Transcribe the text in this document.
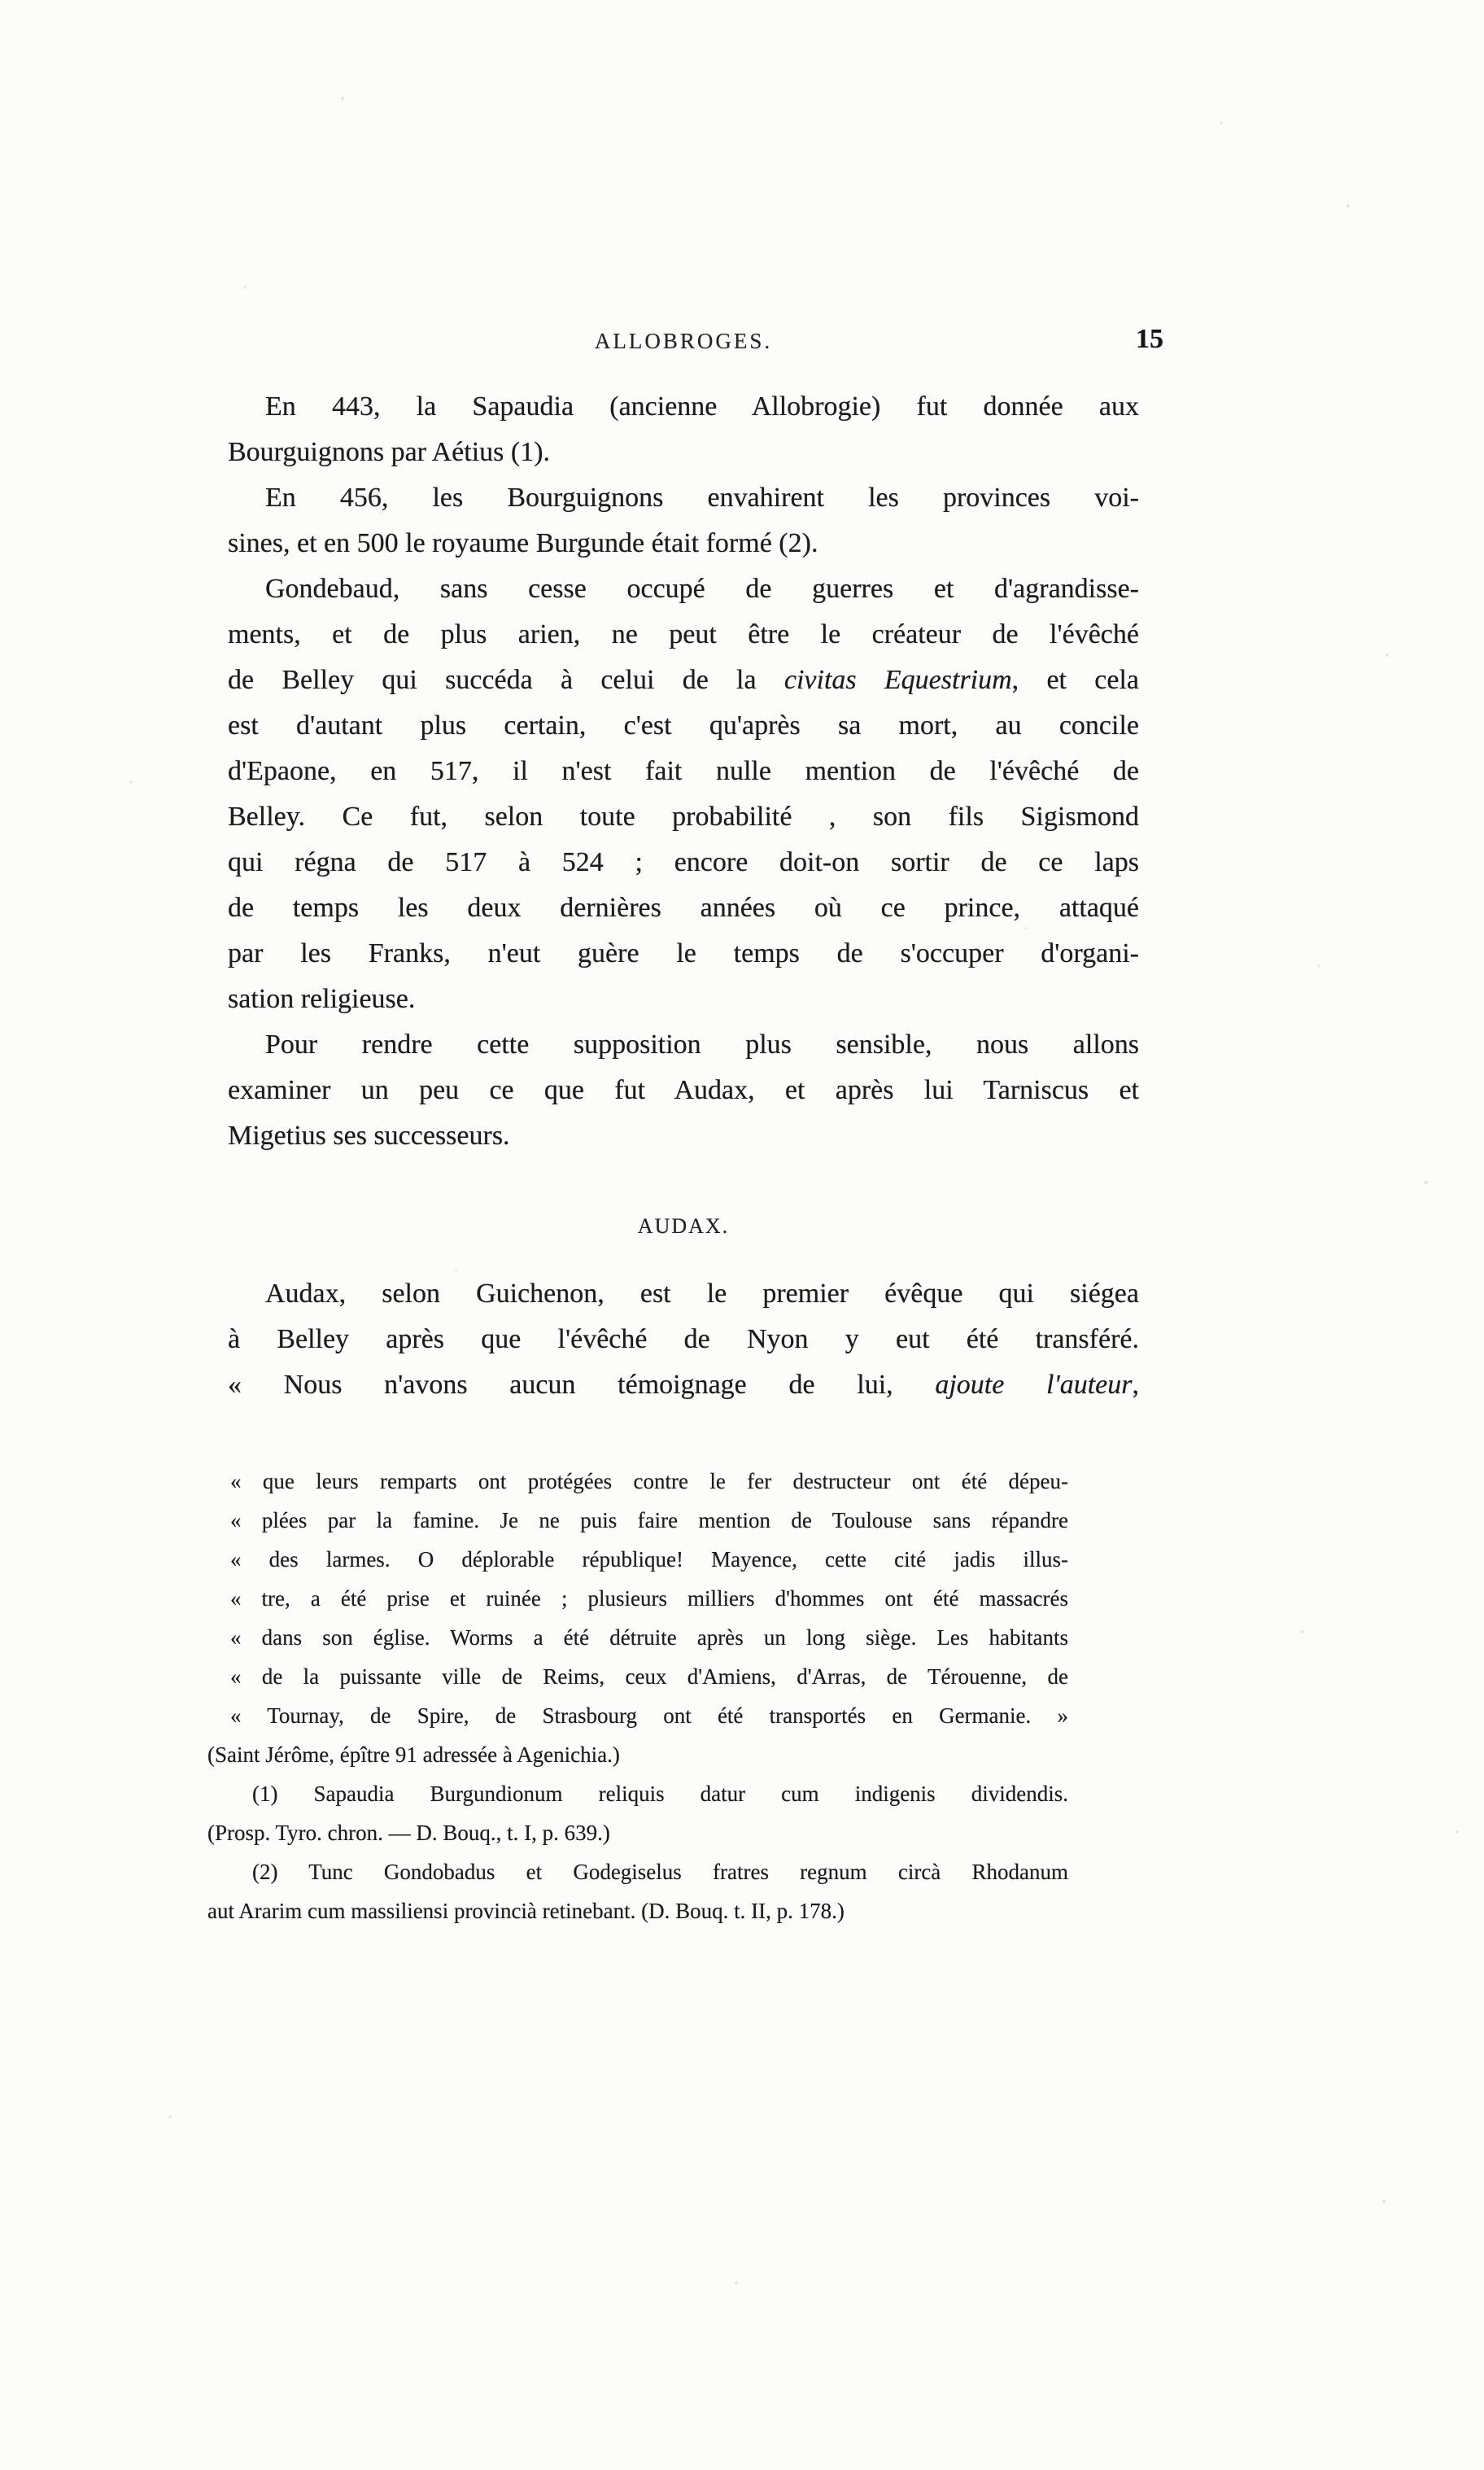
ALLOBROGES.	15
En 443, la Sapaudia (ancienne Allobrogie) fut donnée aux
Bourguignons par Aétius (1).
En 456, les Bourguignons envahirent les provinces voi-
sines, et en 500 le royaume Burgunde était formé (2).
Gondebaud, sans cesse occupé de guerres et d'agrandisse-
ments, et de plus arien, ne peut être le créateur de l'évêché
de Belley qui succéda à celui de la civitas Equestrium, et cela
est d'autant plus certain, c'est qu'après sa mort, au concile
d'Epaone, en 517, il n'est fait nulle mention de l'évêché de
Belley. Ce fut, selon toute probabilité , son fils Sigismond
qui régna de 517 à 524 ; encore doit-on sortir de ce laps
de temps les deux dernières années où ce prince, attaqué
par les Franks, n'eut guère le temps de s'occuper d'organi-
sation religieuse.
Pour rendre cette supposition plus sensible, nous allons
examiner un peu ce que fut Audax, et après lui Tarniscus et
Migetius ses successeurs.
AUDAX.
Audax, selon Guichenon, est le premier évêque qui siégea
à Belley après que l'évêché de Nyon y eut été transféré.
« Nous n'avons aucun témoignage de lui, ajoute l'auteur,
« que leurs remparts ont protégées contre le fer destructeur ont été dépeu-
« plées par la famine. Je ne puis faire mention de Toulouse sans répandre
« des larmes. O déplorable république! Mayence, cette cité jadis illus-
« tre, a été prise et ruinée ; plusieurs milliers d'hommes ont été massacrés
« dans son église. Worms a été détruite après un long siège. Les habitants
« de la puissante ville de Reims, ceux d'Amiens, d'Arras, de Térouenne, de
« Tournay, de Spire, de Strasbourg ont été transportés en Germanie. »
(Saint Jérôme, épître 91 adressée à Agenichia.)
(1) Sapaudia Burgundionum reliquis datur cum indigenis dividendis.
(Prosp. Tyro. chron. — D. Bouq., t. I, p. 639.)
(2) Tunc Gondobadus et Godegiselus fratres regnum circà Rhodanum
aut Ararim cum massiliensi provincià retinebant. (D. Bouq. t. II, p. 178.)
